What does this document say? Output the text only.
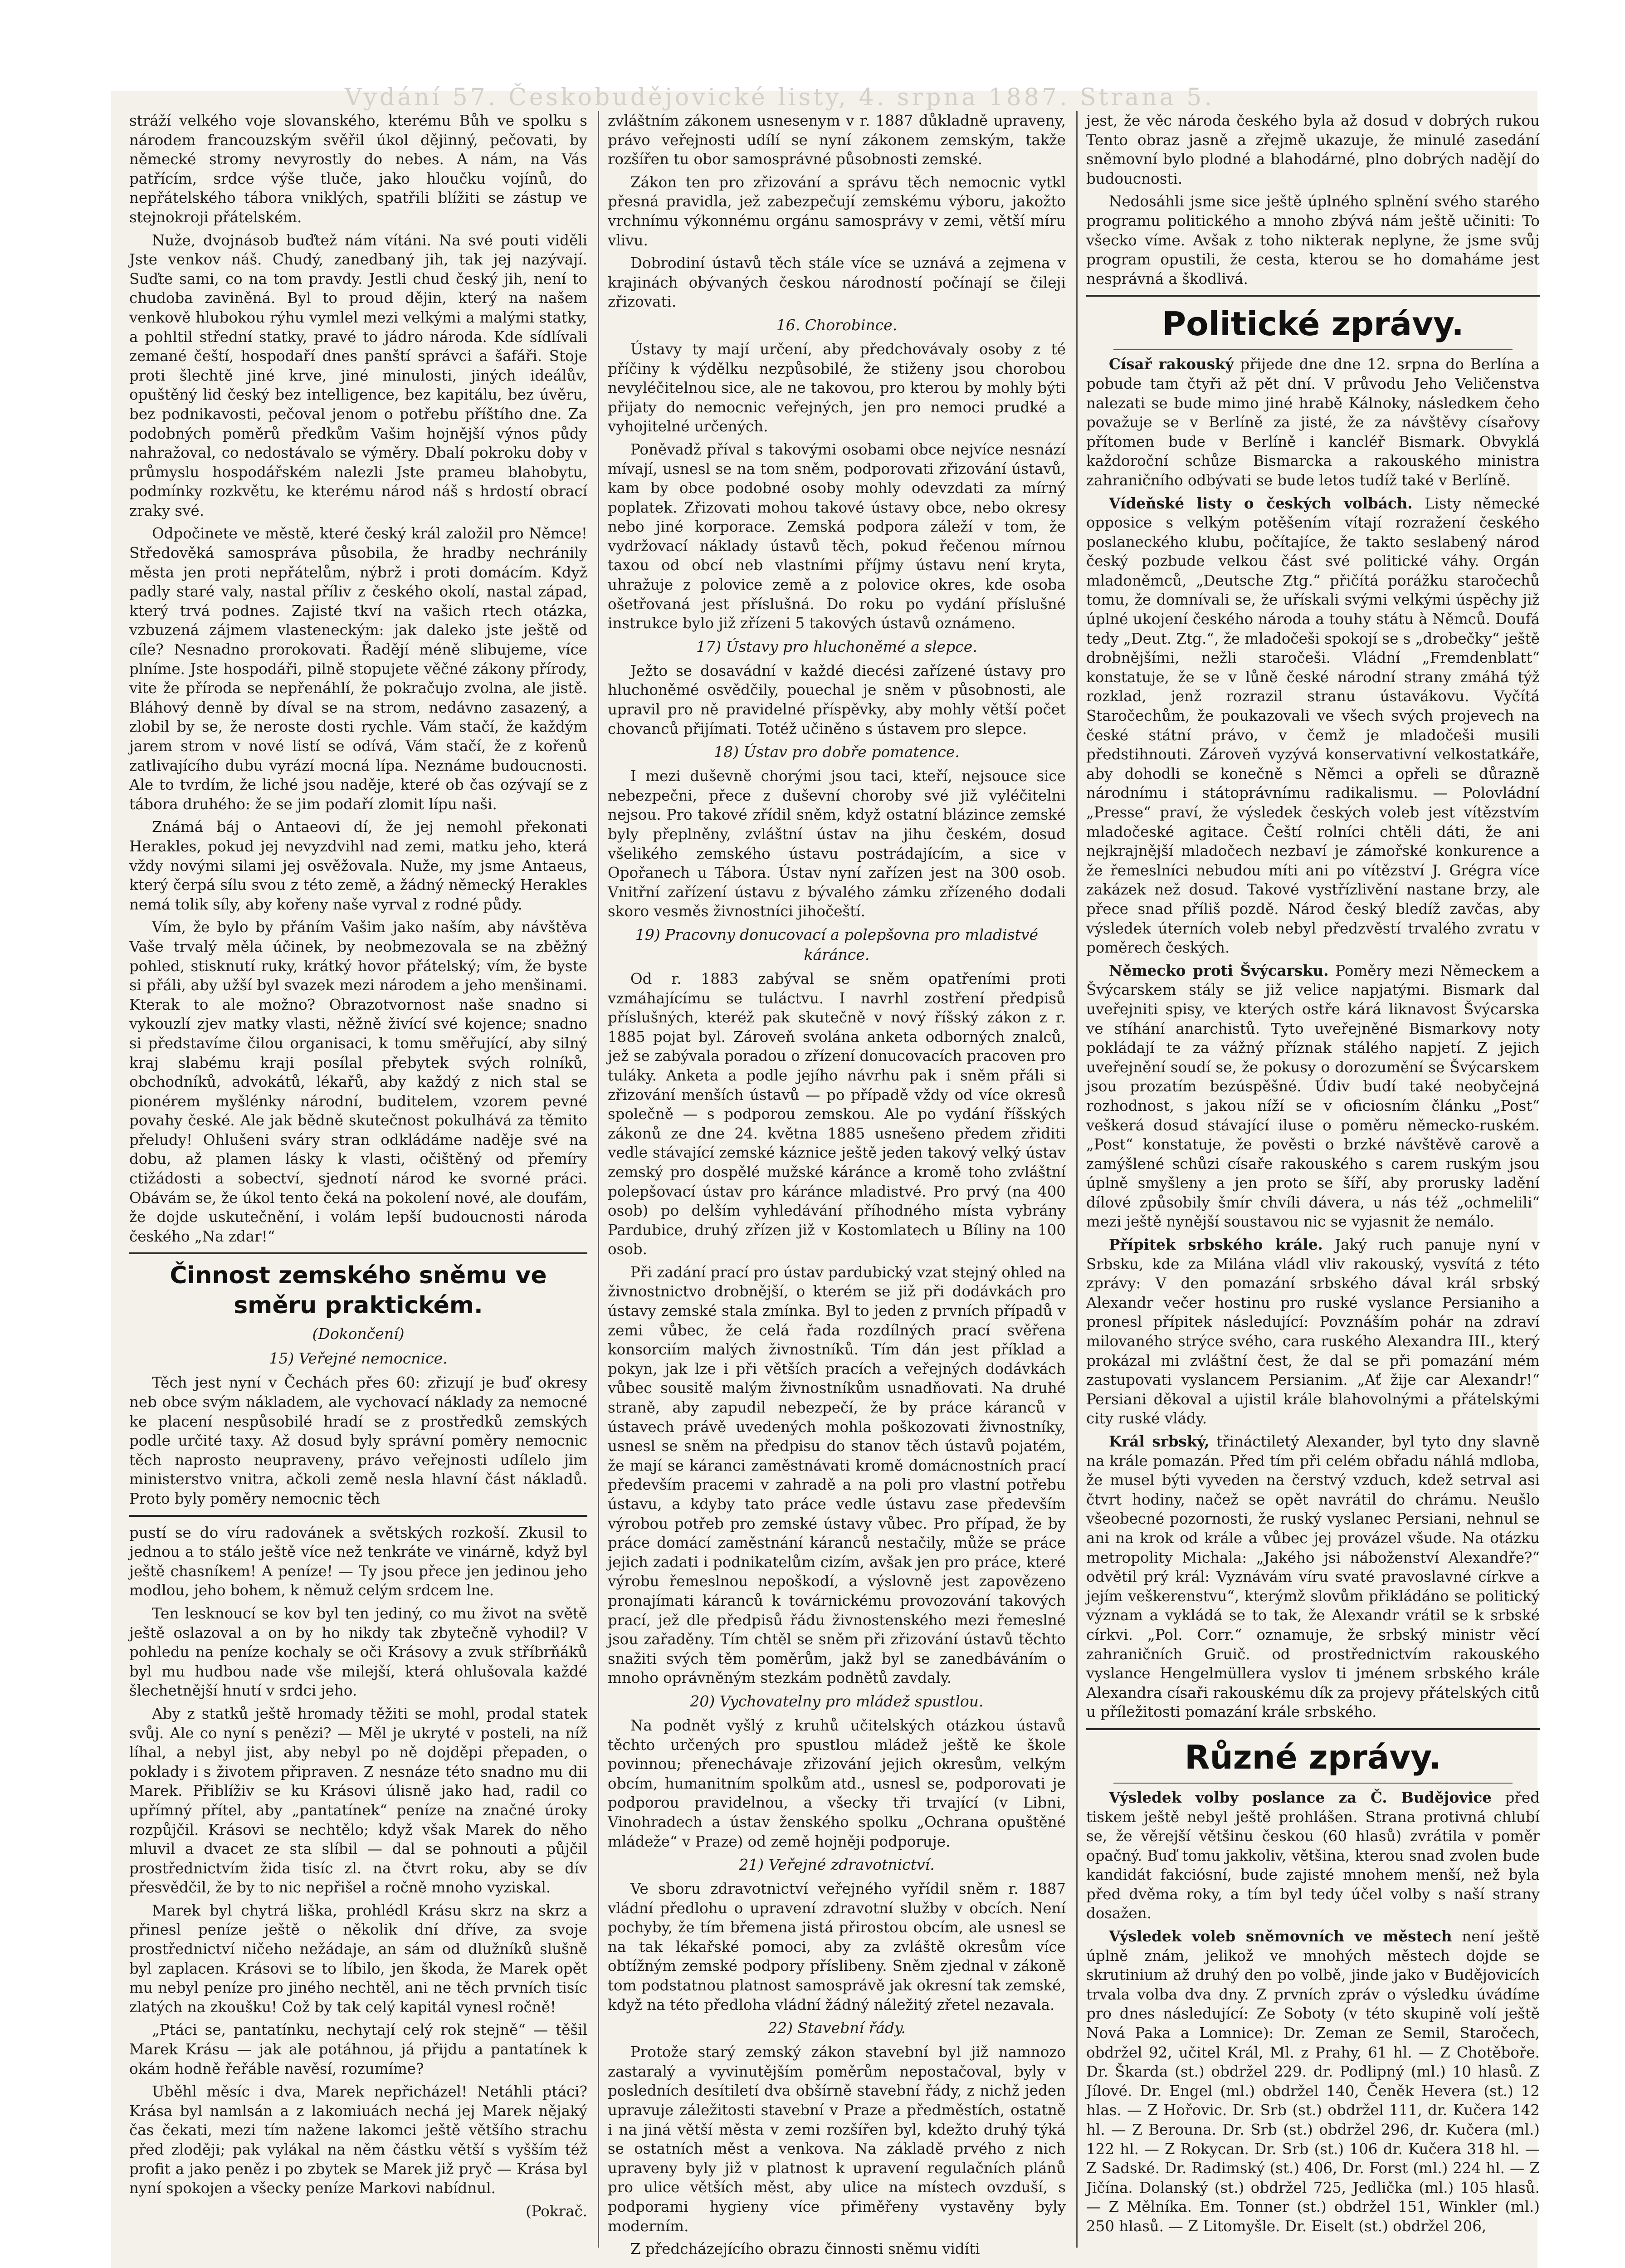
Vydání 57. Českobudějovické listy, 4. srpna 1887. Strana 5.

stráží velkého voje slovanského, kterému Bůh ve spolku s národem francouzským svěřil úkol dějinný, pečovati, by německé stromy nevyrostly do nebes. A nám, na Vás patřícím, srdce výše tluče, jako hloučku vojínů, do nepřátelského tábora vniklých, spatřili blížiti se zástup ve stejnokroji přátelském.

Nuže, dvojnásob buďtež nám vítáni. Na své pouti viděli Jste venkov náš. Chudý, zanedbaný jih, tak jej nazývají. Suďte sami, co na tom pravdy. Jestli chud český jih, není to chudoba zaviněná. Byl to proud dějin, který na našem venkově hlubokou rýhu vymlel mezi velkými a malými statky, a pohltil střední statky, pravé to jádro národa. Kde sídlívali zemané čeští, hospodaří dnes panští správci a šafáři. Stoje proti šlechtě jiné krve, jiné minulosti, jiných ideálův, opuštěný lid český bez intelligence, bez kapitálu, bez úvěru, bez podnikavosti, pečoval jenom o potřebu příštího dne. Za podobných poměrů předkům Vašim hojnější výnos půdy nahražoval, co nedostávalo se výměry. Dbalí pokroku doby v průmyslu hospodářském nalezli Jste prameu blahobytu, podmínky rozkvětu, ke kterému národ náš s hrdostí obrací zraky své.

Odpočinete ve městě, které český král založil pro Němce! Středověká samospráva působila, že hradby nechránily města jen proti nepřátelům, nýbrž i proti domácím. Když padly staré valy, nastal příliv z českého okolí, nastal západ, který trvá podnes. Zajisté tkví na vašich rtech otázka, vzbuzená zájmem vlasteneckým: jak daleko jste ještě od cíle? Nesnadno prorokovati. Řadějí méně slibujeme, více plníme. Jste hospodáři, pilně stopujete věčné zákony přírody, vite že příroda se nepřenáhlí, že pokračujo zvolna, ale jistě. Bláhový denně by díval se na strom, nedávno zasazený, a zlobil by se, že neroste dosti rychle. Vám stačí, že každým jarem strom v nové listí se odívá, Vám stačí, že z kořenů zatlivajícího dubu vyrází mocná lípa. Neznáme budoucnosti. Ale to tvrdím, že liché jsou naděje, které ob čas ozývají se z tábora druhého: že se jim podaří zlomit lípu naši.

Známá báj o Antaeovi dí, že jej nemohl překonati Herakles, pokud jej nevyzdvihl nad zemi, matku jeho, která vždy novými silami jej osvěžovala. Nuže, my jsme Antaeus, který čerpá sílu svou z této země, a žádný německý Herakles nemá tolik síly, aby kořeny naše vyrval z rodné půdy.

Vím, že bylo by přáním Vašim jako naším, aby návštěva Vaše trvalý měla účinek, by neobmezovala se na zběžný pohled, stisknutí ruky, krátký hovor přátelský; vím, že byste si přáli, aby užší byl svazek mezi národem a jeho menšinami. Kterak to ale možno? Obrazotvornost naše snadno si vykouzlí zjev matky vlasti, něžně živící své kojence; snadno si představíme čilou organisaci, k tomu směřující, aby silný kraj slabému kraji posílal přebytek svých rolníků, obchodníků, advokátů, lékařů, aby každý z nich stal se pionérem myšlénky národní, buditelem, vzorem pevné povahy české. Ale jak bědně skutečnost pokulhává za těmito přeludy! Ohlušeni sváry stran odkládáme naděje své na dobu, až plamen lásky k vlasti, očištěný od přemíry ctižádosti a sobectví, sjednotí národ ke svorné práci. Obávám se, že úkol tento čeká na pokolení nové, ale doufám, že dojde uskutečnění, i volám lepší budoucnosti národa českého „Na zdar!“

Činnost zemského sněmu ve směru praktickém.
(Dokončení)
15) Veřejné nemocnice.

Těch jest nyní v Čechách přes 60: zřizují je buď okresy neb obce svým nákladem, ale vychovací náklady za nemocné ke placení nespůsobilé hradí se z prostředků zemských podle určité taxy. Až dosud byly správní poměry nemocnic těch naprosto neupraveny, právo veřejnosti udílelo jim ministerstvo vnitra, ačkoli země nesla hlavní část nákladů. Proto byly poměry nemocnic těch

pustí se do víru radovánek a světských rozkoší. Zkusil to jednou a to stálo ještě více než tenkráte ve vinárně, když byl ještě chasníkem! A peníze! — Ty jsou přece jen jedinou jeho modlou, jeho bohem, k němuž celým srdcem lne.

Ten lesknoucí se kov byl ten jediný, co mu život na světě ještě oslazoval a on by ho nikdy tak zbytečně vyhodil? V pohledu na peníze kochaly se oči Krásovy a zvuk stříbrňáků byl mu hudbou nade vše milejší, která ohlušovala každé šlechetnější hnutí v srdci jeho.

Aby z statků ještě hromady těžiti se mohl, prodal statek svůj. Ale co nyní s penězi? — Měl je ukryté v posteli, na níž líhal, a nebyl jist, aby nebyl po ně dojděpi přepaden, o poklady i s životem připraven. Z nesnáze této snadno mu dii Marek. Přiblíživ se ku Krásovi úlisně jako had, radil co upřímný přítel, aby „pantatínek“ peníze na značné úroky rozpůjčil. Krásovi se nechtělo; když však Marek do něho mluvil a dvacet ze sta slíbil — dal se pohnouti a půjčil prostřednictvím žida tisíc zl. na čtvrt roku, aby se dív přesvědčil, že by to nic nepřišel a ročně mnoho vyziskal.

Marek byl chytrá liška, prohlédl Krásu skrz na skrz a přinesl peníze ještě o několik dní dříve, za svoje prostřednictví ničeho nežádaje, an sám od dlužníků slušně byl zaplacen. Krásovi se to líbilo, jen škoda, že Marek opět mu nebyl peníze pro jiného nechtěl, ani ne těch prvních tisíc zlatých na zkoušku! Což by tak celý kapitál vynesl ročně!

„Ptáci se, pantatínku, nechytají celý rok stejně“ — těšil Marek Krásu — jak ale potáhnou, já přijdu a pantatínek k okám hodně řeřáble navěsí, rozumíme?

Uběhl měsíc i dva, Marek nepřicházel! Netáhli ptáci? Krása byl namlsán a z lakomiuách nechá jej Marek nějaký čas čekati, mezi tím nažene lakomci ještě většího strachu před zloději; pak vylákal na něm částku větší s vyšším též profit a jako peněz i po zbytek se Marek již pryč — Krása byl nyní spokojen a všecky peníze Markovi nabídnul.

(Pokrač.

zvláštním zákonem usnesenym v r. 1887 důkladně upraveny, právo veřejnosti udílí se nyní zákonem zemským, takže rozšířen tu obor samosprávné působnosti zemské.

Zákon ten pro zřizování a správu těch nemocnic vytkl přesná pravidla, jež zabezpečují zemskému výboru, jakožto vrchnímu výkonnému orgánu samosprávy v zemi, větší míru vlivu.

Dobrodiní ústavů těch stále více se uznává a zejmena v krajinách obývaných českou národností počínají se čileji zřizovati.

16. Chorobince.

Ústavy ty mají určení, aby předchovávaly osoby z té příčiny k výdělku nezpůsobilé, že stiženy jsou chorobou nevyléčitelnou sice, ale ne takovou, pro kterou by mohly býti přijaty do nemocnic veřejných, jen pro nemoci prudké a vyhojitelné určených.

Poněvadž příval s takovými osobami obce nejvíce nesnází mívají, usnesl se na tom sněm, podporovati zřizování ústavů, kam by obce podobné osoby mohly odevzdati za mírný poplatek. Zřizovati mohou takové ústavy obce, nebo okresy nebo jiné korporace. Zemská podpora záleží v tom, že vydržovací náklady ústavů těch, pokud řečenou mírnou taxou od obcí neb vlastními příjmy ústavu není kryta, uhražuje z polovice země a z polovice okres, kde osoba ošetřovaná jest příslušná. Do roku po vydání příslušné instrukce bylo již zřízeni 5 takových ústavů oznámeno.

17) Ústavy pro hluchoněmé a slepce.

Ježto se dosavádní v každé diecési zařízené ústavy pro hluchoněmé osvědčily, pouechal je sněm v působnosti, ale upravil pro ně pravidelné příspěvky, aby mohly větší počet chovanců přijímati. Totéž učiněno s ústavem pro slepce.

18) Ústav pro dobře pomatence.

I mezi duševně chorými jsou taci, kteří, nejsouce sice nebezpečni, přece z duševní choroby své již vyléčitelni nejsou. Pro takové zřídil sněm, když ostatní blázince zemské byly přeplněny, zvláštní ústav na jihu českém, dosud všelikého zemského ústavu postrádajícím, a sice v Opořanech u Tábora. Ústav nyní zařízen jest na 300 osob. Vnitřní zařízení ústavu z bývalého zámku zřízeného dodali skoro vesměs živnostníci jihočeští.

19) Pracovny donucovací a polepšovna pro mladistvé káránce.

Od r. 1883 zabýval se sněm opatřeními proti vzmáhajícímu se tuláctvu. I navrhl zostření předpisů příslušných, kteréž pak skutečně v nový říšský zákon z r. 1885 pojat byl. Zároveň svolána anketa odborných znalců, jež se zabývala poradou o zřízení donucovacích pracoven pro tuláky. Anketa a podle jejího návrhu pak i sněm přáli si zřizování menších ústavů — po případě vždy od více okresů společně — s podporou zemskou. Ale po vydání říšských zákonů ze dne 24. května 1885 usnešeno předem zřiditi vedle stávající zemské káznice ještě jeden takový velký ústav zemský pro dospělé mužské káránce a kromě toho zvláštní polepšovací ústav pro káránce mladistvé. Pro prvý (na 400 osob) po delším vyhledávání příhodného místa vybrány Pardubice, druhý zřízen již v Kostomlatech u Bíliny na 100 osob.

Při zadání prací pro ústav pardubický vzat stejný ohled na živnostnictvo drobnější, o kterém se již při dodávkách pro ústavy zemské stala zmínka. Byl to jeden z prvních případů v zemi vůbec, že celá řada rozdílných prací svěřena konsorciím malých živnostníků. Tím dán jest příklad a pokyn, jak lze i při větších pracích a veřejných dodávkách vůbec sousitě malým živnostníkům usnadňovati. Na druhé straně, aby zapudil nebezpečí, že by práce káranců v ústavech právě uvedených mohla poškozovati živnostníky, usnesl se sněm na předpisu do stanov těch ústavů pojatém, že mají se káranci zaměstnávati kromě domácnostních prací především pracemi v zahradě a na poli pro vlastní potřebu ústavu, a kdyby tato práce vedle ústavu zase především výrobou potřeb pro zemské ústavy vůbec. Pro případ, že by práce domácí zaměstnání káranců nestačily, může se práce jejich zadati i podnikatelům cizím, avšak jen pro práce, které výrobu řemeslnou nepoškodí, a výslovně jest zapovězeno pronajímati káranců k továrnickému provozování takových prací, jež dle předpisů řádu živnostenského mezi řemeslné jsou zařaděny. Tím chtěl se sněm při zřizování ústavů těchto snažiti svých těm poměrům, jakž byl se zanedbáváním o mnoho oprávněným stezkám podnětů zavdaly.

20) Vychovatelny pro mládež spustlou.

Na podnět vyšlý z kruhů učitelských otázkou ústavů těchto určených pro spustlou mládež ještě ke škole povinnou; přenechávaje zřizování jejich okresům, velkým obcím, humanitním spolkům atd., usnesl se, podporovati je podporou pravidelnou, a všecky tři trvající (v Libni, Vinohradech a ústav ženského spolku „Ochrana opuštěné mládeže“ v Praze) od země hojněji podporuje.

21) Veřejné zdravotnictví.

Ve sboru zdravotnictví veřejného vyřídil sněm r. 1887 vládní předlohu o upravení zdravotní služby v obcích. Není pochyby, že tím břemena jistá přirostou obcím, ale usnesl se na tak lékařské pomoci, aby za zvláště okresům více obtížným zemské podpory příslibeny. Sněm zjednal v zákoně tom podstatnou platnost samosprávě jak okresní tak zemské, když na této předloha vládní žádný náležitý zřetel nezavala.

22) Stavební řády.

Protože starý zemský zákon stavební byl již namnozo zastaralý a vyvinutějším poměrům nepostačoval, byly v posledních desítiletí dva obšírně stavební řády, z nichž jeden upravuje záležitosti stavební v Praze a předměstích, ostatně i na jiná větší města v zemi rozšířen byl, kdežto druhý týká se ostatních měst a venkova. Na základě prvého z nich upraveny byly již v platnost k upravení regulačních plánů pro ulice větších měst, aby ulice na místech ovzduší, s podporami hygieny více přiměřeny vystavěny byly moderním.

Z předcházejícího obrazu činnosti sněmu vidíti

jest, že věc národa českého byla až dosud v dobrých rukou Tento obraz jasně a zřejmě ukazuje, že minulé zasedání sněmovní bylo plodné a blahodárné, plno dobrých nadějí do budoucnosti.

Nedosáhli jsme sice ještě úplného splnění svého starého programu politického a mnoho zbývá nám ještě učiniti: To všecko víme. Avšak z toho nikterak neplyne, že jsme svůj program opustili, že cesta, kterou se ho domaháme jest nesprávná a škodlivá.

Politické zprávy.

Císař rakouský přijede dne dne 12. srpna do Berlína a pobude tam čtyři až pět dní. V průvodu Jeho Veličenstva nalezati se bude mimo jiné hrabě Kálnoky, následkem čeho považuje se v Berlíně za jisté, že za návštěvy císařovy přítomen bude v Berlíně i kancléř Bismark. Obvyklá každoroční schůze Bismarcka a rakouského ministra zahraničního odbývati se bude letos tudíž také v Berlíně.

Vídeňské listy o českých volbách. Listy německé opposice s velkým potěšením vítají rozražení českého poslaneckého klubu, počítajíce, že takto seslabený národ český pozbude velkou část své politické váhy. Orgán mladoněmců, „Deutsche Ztg.“ přičítá porážku staročechů tomu, že domnívali se, že uřískali svými velkými úspěchy již úplné ukojení českého národa a touhy státu à Němců. Doufá tedy „Deut. Ztg.“, že mladočeši spokojí se s „drobečky“ ještě drobnějšími, nežli staročeši. Vládní „Fremdenblatt“ konstatuje, že se v lůně české národní strany zmáhá týž rozklad, jenž rozrazil stranu ústavákovu. Vyčítá Staročechům, že poukazovali ve všech svých projevech na české státní právo, v čemž je mladočeši musili předstihnouti. Zároveň vyzývá konservativní velkostatkáře, aby dohodli se konečně s Němci a opřeli se důrazně národnímu i státoprávnímu radikalismu. — Polovládní „Presse“ praví, že výsledek českých voleb jest vítězstvím mladočeské agitace. Čeští rolníci chtěli dáti, že ani nejkrajnější mladočech nezbaví je zámořské konkurence a že řemeslníci nebudou míti ani po vítězství J. Grégra více zakázek než dosud. Takové vystřízlivění nastane brzy, ale přece snad příliš pozdě. Národ český bledíž zavčas, aby výsledek úterních voleb nebyl předzvěstí trvalého zvratu v poměrech českých.

Německo proti Švýcarsku. Poměry mezi Německem a Švýcarskem stály se již velice napjatými. Bismark dal uveřejniti spisy, ve kterých ostře kárá liknavost Švýcarska ve stíhání anarchistů. Tyto uveřejněné Bismarkovy noty pokládají te za vážný příznak stálého napjetí. Z jejich uveřejnění soudí se, že pokusy o dorozumění se Švýcarskem jsou prozatím bezúspěšné. Údiv budí také neobyčejná rozhodnost, s jakou níží se v oficiosním článku „Post“ veškerá dosud stávající iluse o poměru německo-ruském. „Post“ konstatuje, že pověsti o brzké návštěvě carově a zamýšlené schůzi císaře rakouského s carem ruským jsou úplně smyšleny a jen proto se šíří, aby prorusky ladění dílové způsobily šmír chvíli dávera, u nás též „ochmelili“ mezi ještě nynější soustavou nic se vyjasnit že nemálo.

Přípitek srbského krále. Jaký ruch panuje nyní v Srbsku, kde za Milána vládl vliv rakouský, vysvítá z této zprávy: V den pomazání srbského dával král srbský Alexandr večer hostinu pro ruské vyslance Persianiho a pronesl přípitek následující: Povznáším pohár na zdraví milovaného strýce svého, cara ruského Alexandra III., který prokázal mi zvláštní čest, že dal se při pomazání mém zastupovati vyslancem Persianim. „Ať žije car Alexandr!“ Persiani děkoval a ujistil krále blahovolnými a přátelskými city ruské vlády.

Král srbský, třináctiletý Alexander, byl tyto dny slavně na krále pomazán. Před tím při celém obřadu náhlá mdloba, že musel býti vyveden na čerstvý vzduch, kdež setrval asi čtvrt hodiny, načež se opět navrátil do chrámu. Neušlo všeobecné pozornosti, že ruský vyslanec Persiani, nehnul se ani na krok od krále a vůbec jej provázel všude. Na otázku metropolity Michala: „Jakého jsi náboženství Alexandře?“ odvětil prý král: Vyznávám víru svaté pravoslavné církve a jejím veškerenstvu“, kterýmž slovům přikládáno se politický význam a vykládá se to tak, že Alexandr vrátil se k srbské církvi. „Pol. Corr.“ oznamuje, že srbský ministr věcí zahraničních Gruič. od prostřednictvím rakouského vyslance Hengelmüllera vyslov ti jménem srbského krále Alexandra císaři rakouskému dík za projevy přátelských citů u příležitosti pomazání krále srbského.

Různé zprávy.

Výsledek volby poslance za Č. Budějovice před tiskem ještě nebyl ještě prohlášen. Strana protivná chlubí se, že věrejší většinu českou (60 hlasů) zvrátila v poměr opačný. Buď tomu jakkoliv, většina, kterou snad zvolen bude kandidát fakciósní, bude zajisté mnohem menší, než byla před dvěma roky, a tím byl tedy účel volby s naší strany dosažen.

Výsledek voleb sněmovních ve městech není ještě úplně znám, jelikož ve mnohých městech dojde se skrutinium až druhý den po volbě, jinde jako v Budějovicích trvala volba dva dny. Z prvních zpráv o výsledku úvádíme pro dnes následující: Ze Soboty (v této skupině volí ještě Nová Paka a Lomnice): Dr. Zeman ze Semil, Staročech, obdržel 92, učitel Král, Ml. z Prahy, 61 hl. — Z Chotěboře. Dr. Škarda (st.) obdržel 229. dr. Podlipný (ml.) 10 hlasů. Z Jílové. Dr. Engel (ml.) obdržel 140, Čeněk Hevera (st.) 12 hlas. — Z Hořovic. Dr. Srb (st.) obdržel 111, dr. Kučera 142 hl. — Z Berouna. Dr. Srb (st.) obdržel 296, dr. Kučera (ml.) 122 hl. — Z Rokycan. Dr. Srb (st.) 106 dr. Kučera 318 hl. — Z Sadské. Dr. Radimský (st.) 406, Dr. Forst (ml.) 224 hl. — Z Jičína. Dolanský (st.) obdržel 725, Jedlička (ml.) 105 hlasů. — Z Mělníka. Em. Tonner (st.) obdržel 151, Winkler (ml.) 250 hlasů. — Z Litomyšle. Dr. Eiselt (st.) obdržel 206,
